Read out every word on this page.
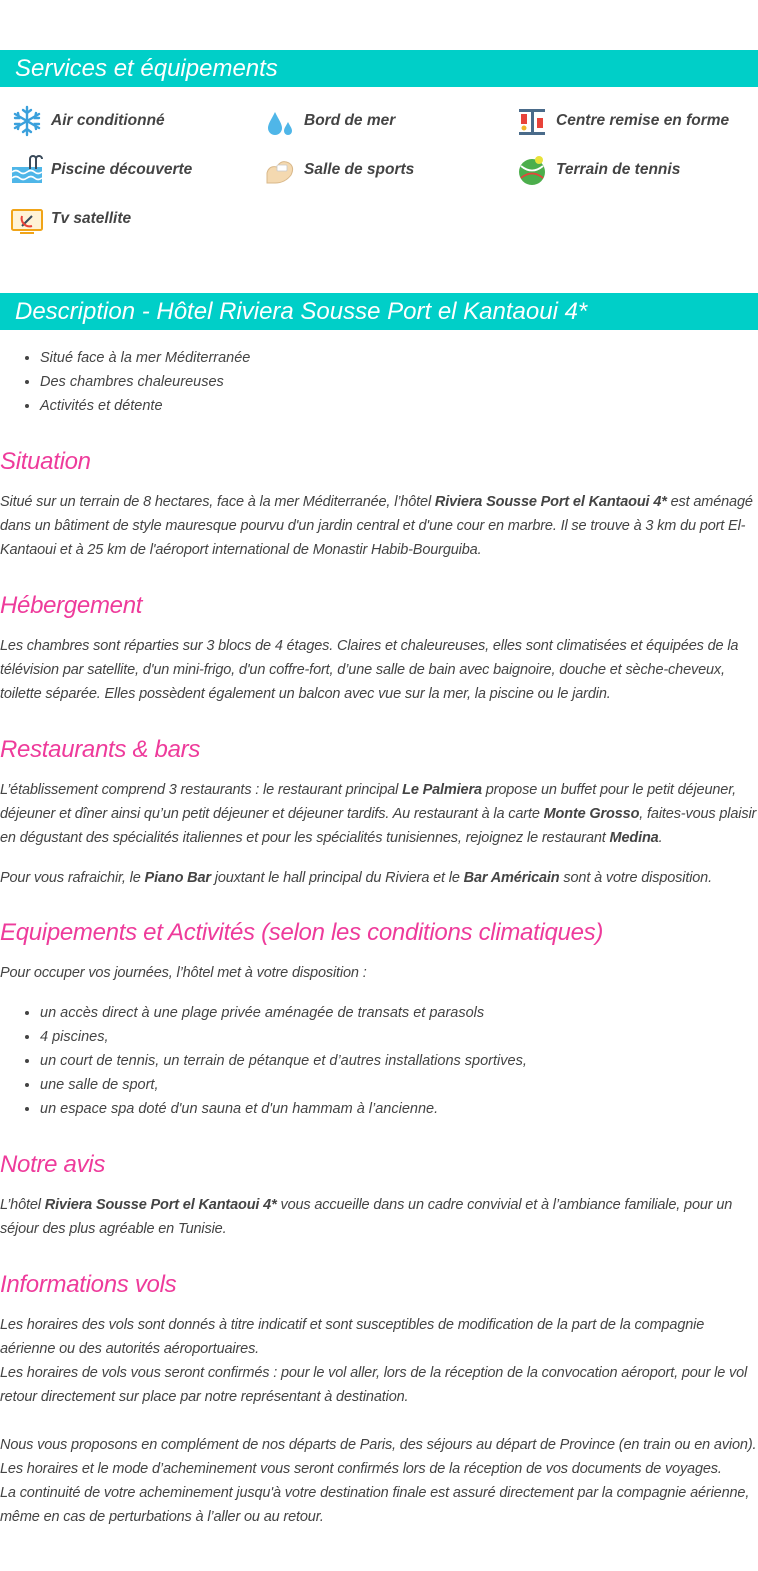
Services et équipements
Air conditionné	Bord de mer	Centre remise en forme
Piscine découverte	Salle de sports	Terrain de tennis
Tv satellite
Description - Hôtel Riviera Sousse Port el Kantaoui 4*
• Situé face à la mer Méditerranée
• Des chambres chaleureuses
• Activités et détente
Situation

Situé sur un terrain de 8 hectares, face à la mer Méditerranée, l’hôtel Riviera Sousse Port el Kantaoui 4* est aménagé dans un bâtiment de style mauresque pourvu d'un jardin central et d'une cour en marbre. Il se trouve à 3 km du port El-Kantaoui et à 25 km de l'aéroport international de Monastir Habib-Bourguiba.

Hébergement

Les chambres sont réparties sur 3 blocs de 4 étages. Claires et chaleureuses, elles sont climatisées et équipées de la télévision par satellite, d'un mini-frigo, d'un coffre-fort, d’une salle de bain avec baignoire, douche et sèche-cheveux, toilette séparée. Elles possèdent également un balcon avec vue sur la mer, la piscine ou le jardin.

Restaurants & bars

L’établissement comprend 3 restaurants : le restaurant principal Le Palmiera propose un buffet pour le petit déjeuner, déjeuner et dîner ainsi qu’un petit déjeuner et déjeuner tardifs. Au restaurant à la carte Monte Grosso, faites-vous plaisir en dégustant des spécialités italiennes et pour les spécialités tunisiennes, rejoignez le restaurant Medina.

Pour vous rafraichir, le Piano Bar jouxtant le hall principal du Riviera et le Bar Américain sont à votre disposition.

Equipements et Activités (selon les conditions climatiques)

Pour occuper vos journées, l’hôtel met à votre disposition :

• un accès direct à une plage privée aménagée de transats et parasols
• 4 piscines,
• un court de tennis, un terrain de pétanque et d’autres installations sportives,
• une salle de sport,
• un espace spa doté d'un sauna et d'un hammam à l’ancienne.
Notre avis

L’hôtel Riviera Sousse Port el Kantaoui 4* vous accueille dans un cadre convivial et à l’ambiance familiale, pour un séjour des plus agréable en Tunisie.

Informations vols
Les horaires des vols sont donnés à titre indicatif et sont susceptibles de modification de la part de la compagnie aérienne ou des autorités aéroportuaires.
Les horaires de vols vous seront confirmés : pour le vol aller, lors de la réception de la convocation aéroport, pour le vol retour directement sur place par notre représentant à destination.
Nous vous proposons en complément de nos départs de Paris, des séjours au départ de Province (en train ou en avion).
Les horaires et le mode d’acheminement vous seront confirmés lors de la réception de vos documents de voyages.
La continuité de votre acheminement jusqu'à votre destination finale est assuré directement par la compagnie aérienne, même en cas de perturbations à l’aller ou au retour.
